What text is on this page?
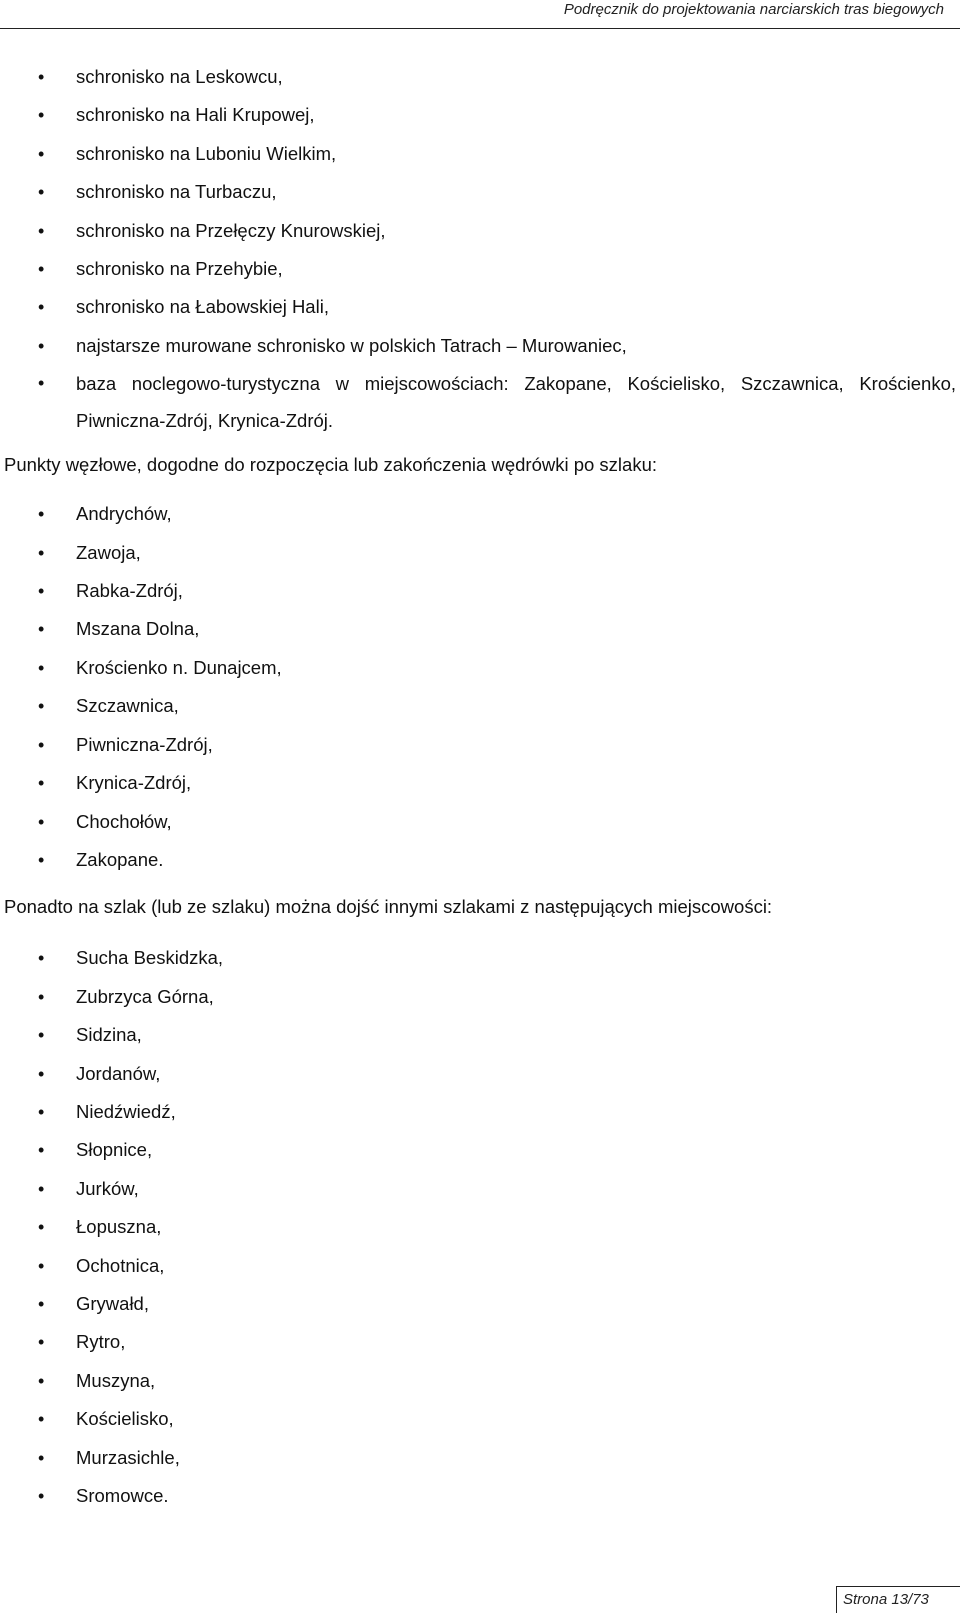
Podręcznik do projektowania narciarskich tras biegowych
• schronisko na Leskowcu,
• schronisko na Hali Krupowej,
• schronisko na Luboniu Wielkim,
• schronisko na Turbaczu,
• schronisko na Przełęczy Knurowskiej,
• schronisko na Przehybie,
• schronisko na Łabowskiej Hali,
• najstarsze murowane schronisko w polskich Tatrach – Murowaniec,
• baza noclegowo-turystyczna w miejscowościach: Zakopane, Kościelisko, Szczawnica, Krościenko, Piwniczna-Zdrój, Krynica-Zdrój.

Punkty węzłowe, dogodne do rozpoczęcia lub zakończenia wędrówki po szlaku:

• Andrychów,
• Zawoja,
• Rabka-Zdrój,
• Mszana Dolna,
• Krościenko n. Dunajcem,
• Szczawnica,
• Piwniczna-Zdrój,
• Krynica-Zdrój,
• Chochołów,
• Zakopane.

Ponadto na szlak (lub ze szlaku) można dojść innymi szlakami z następujących miejscowości:

• Sucha Beskidzka,
• Zubrzyca Górna,
• Sidzina,
• Jordanów,
• Niedźwiedź,
• Słopnice,
• Jurków,
• Łopuszna,
• Ochotnica,
• Grywałd,
• Rytro,
• Muszyna,
• Kościelisko,
• Murzasichle,
• Sromowce.
Strona 13/73
